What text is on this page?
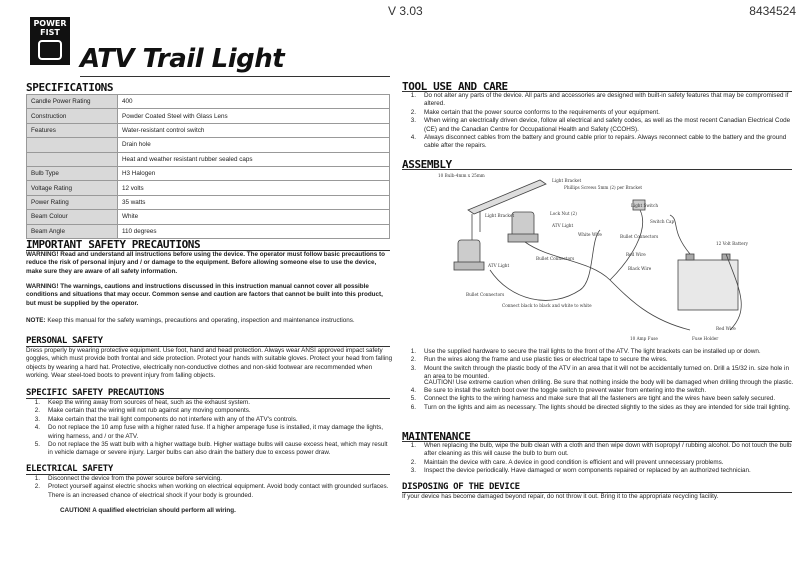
V 3.03	8434524
POWER
FIST
ATV Trail Light
SPECIFICATIONS
Candle Power Rating	400
Construction	Powder Coated Steel with Glass Lens
Features	Water-resistant control switch
	Drain hole
	Heat and weather resistant rubber sealed caps
Bulb Type	H3 Halogen
Voltage Rating	12 volts
Power Rating	35 watts
Beam Colour	White
Beam Angle	110 degrees
IMPORTANT SAFETY PRECAUTIONS
WARNING! Read and understand all instructions before using the device. The operator must follow basic precautions to reduce the risk of personal injury and / or damage to the equipment. Before allowing someone else to use the device, make sure they are aware of all safety information.
WARNING! The warnings, cautions and instructions discussed in this instruction manual cannot cover all possible conditions and situations that may occur. Common sense and caution are factors that cannot be built into this product, but must be supplied by the operator.
NOTE: Keep this manual for the safety warnings, precautions and operating, inspection and maintenance instructions.
PERSONAL SAFETY
Dress properly by wearing protective equipment. Use foot, hand and head protection. Always wear ANSI approved impact safety goggles, which must provide both frontal and side protection. Protect your hands with suitable gloves. Protect your head from falling objects by wearing a hard hat. Protective, electrically non-conductive clothes and non-skid footwear are recommended when working. Wear steel-toed boots to prevent injury from falling objects.
SPECIFIC SAFETY PRECAUTIONS
1. Keep the wiring away from sources of heat, such as the exhaust system.
2. Make certain that the wiring will not rub against any moving components.
3. Make certain that the trail light components do not interfere with any of the ATV's controls.
4. Do not replace the 10 amp fuse with a higher rated fuse. If a higher amperage fuse is installed, it may damage the lights, wiring harness, and / or the ATV.
5. Do not replace the 35 watt bulb with a higher wattage bulb. Higher wattage bulbs will cause excess heat, which may result in vehicle damage or severe injury. Larger bulbs can also drain the battery due to excess power draw.
ELECTRICAL SAFETY
1. Disconnect the device from the power source before servicing.
2. Protect yourself against electric shocks when working on electrical equipment. Avoid body contact with grounded surfaces. There is an increased chance of electrical shock if your body is grounded.
CAUTION! A qualified electrician should perform all wiring.
TOOL USE AND CARE
1. Do not alter any parts of the device. All parts and accessories are designed with built-in safety features that may be compromised if altered.
2. Make certain that the power source conforms to the requirements of your equipment.
3. When wiring an electrically driven device, follow all electrical and safety codes, as well as the most recent Canadian Electrical Code (CE) and the Canadian Centre for Occupational Health and Safety (CCOHS).
4. Always disconnect cables from the battery and ground cable prior to repairs. Always reconnect cable to the battery and the ground cable after the repairs.
ASSEMBLY
10 Bulb-4mm x 25mm
Light Bracket
Phillips Screws 5mm (2) per Bracket
Light Switch
Light Bracket	Lock Nut (2)
ATV Light
Switch Cap
White Wire	Bullet Connectors
Bullet Connectors
Red Wire
12 Volt Battery
ATV Light
Black Wire
Bullet Connectors
Connect black to black and white to white
10 Amp Fuse	Fuse Holder
Red Wire
1. Use the supplied hardware to secure the trail lights to the front of the ATV. The light brackets can be installed up or down.
2. Run the wires along the frame and use plastic ties or electrical tape to secure the wires.
3. Mount the switch through the plastic body of the ATV in an area that it will not be accidentally turned on. Drill a 15/32 in. size hole in an area to be mounted.
CAUTION! Use extreme caution when drilling. Be sure that nothing inside the body will be damaged when drilling through the plastic.
4. Be sure to install the switch boot over the toggle switch to prevent water from entering into the switch.
5. Connect the lights to the wiring harness and make sure that all the fasteners are tight and the wires have been safely secured.
6. Turn on the lights and aim as necessary. The lights should be directed slightly to the sides as they are intended for side trail lighting.
MAINTENANCE
1. When replacing the bulb, wipe the bulb clean with a cloth and then wipe down with isopropyl / rubbing alcohol. Do not touch the bulb after cleaning as this will cause the bulb to burn out.
2. Maintain the device with care. A device in good condition is efficient and will prevent unnecessary problems.
3. Inspect the device periodically. Have damaged or worn components repaired or replaced by an authorized technician.
DISPOSING OF THE DEVICE
If your device has become damaged beyond repair, do not throw it out. Bring it to the appropriate recycling facility.
